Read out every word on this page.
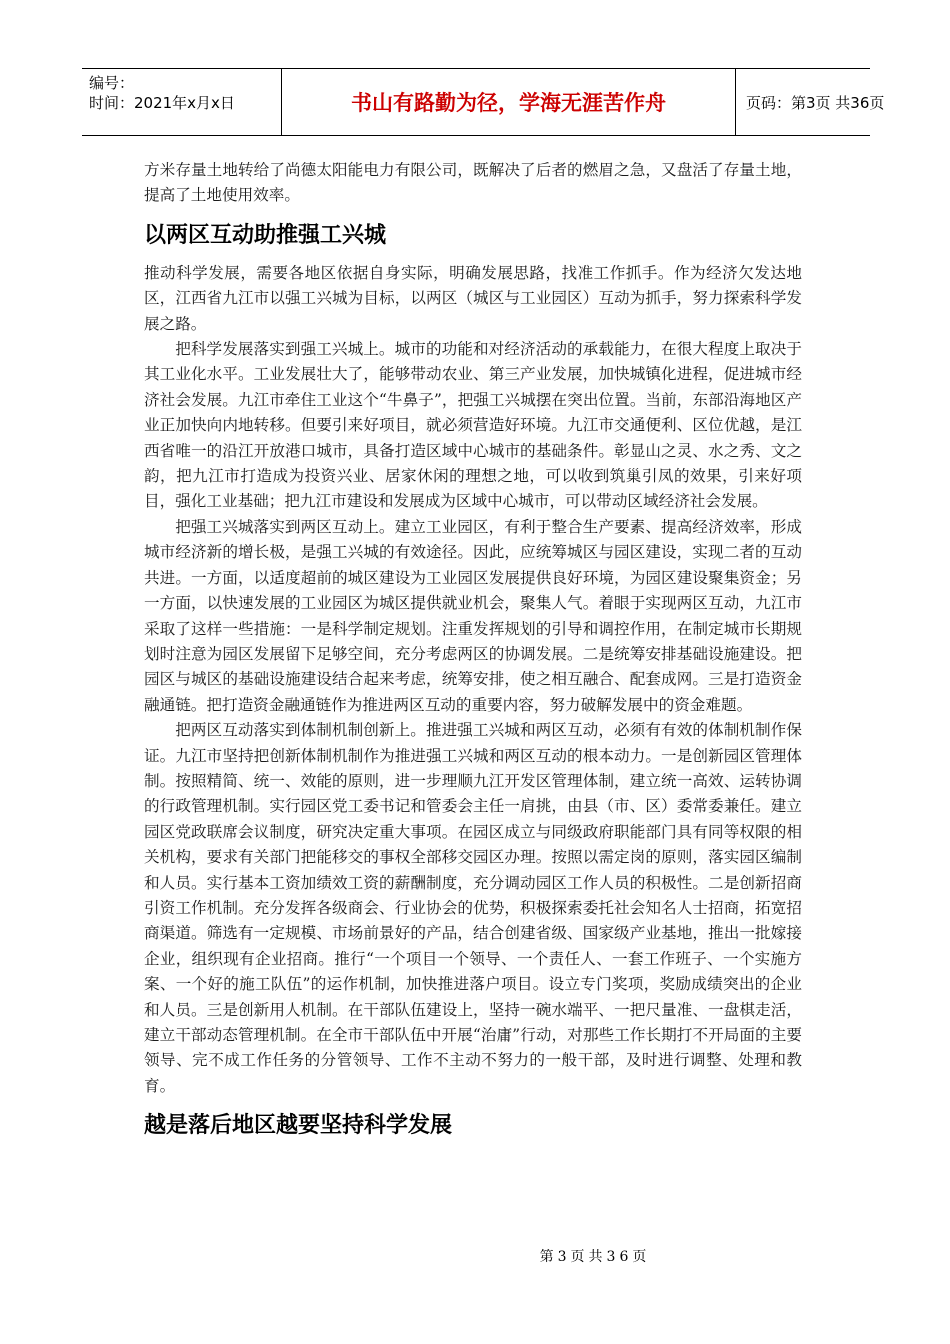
编号：
时间：2021年x月x日	书山有路勤为径，学海无涯苦作舟	页码：第3页 共36页

方米存量土地转给了尚德太阳能电力有限公司，既解决了后者的燃眉之急，又盘活了存量土地，提高了土地使用效率。

以两区互动助推强工兴城

推动科学发展，需要各地区依据自身实际，明确发展思路，找准工作抓手。作为经济欠发达地区，江西省九江市以强工兴城为目标，以两区（城区与工业园区）互动为抓手，努力探索科学发展之路。

把科学发展落实到强工兴城上。城市的功能和对经济活动的承载能力，在很大程度上取决于其工业化水平。工业发展壮大了，能够带动农业、第三产业发展，加快城镇化进程，促进城市经济社会发展。九江市牵住工业这个“牛鼻子”，把强工兴城摆在突出位置。当前，东部沿海地区产业正加快向内地转移。但要引来好项目，就必须营造好环境。九江市交通便利、区位优越，是江西省唯一的沿江开放港口城市，具备打造区域中心城市的基础条件。彰显山之灵、水之秀、文之韵，把九江市打造成为投资兴业、居家休闲的理想之地，可以收到筑巢引凤的效果，引来好项目，强化工业基础；把九江市建设和发展成为区域中心城市，可以带动区域经济社会发展。

把强工兴城落实到两区互动上。建立工业园区，有利于整合生产要素、提高经济效率，形成城市经济新的增长极，是强工兴城的有效途径。因此，应统筹城区与园区建设，实现二者的互动共进。一方面，以适度超前的城区建设为工业园区发展提供良好环境，为园区建设聚集资金；另一方面，以快速发展的工业园区为城区提供就业机会，聚集人气。着眼于实现两区互动，九江市采取了这样一些措施：一是科学制定规划。注重发挥规划的引导和调控作用，在制定城市长期规划时注意为园区发展留下足够空间，充分考虑两区的协调发展。二是统筹安排基础设施建设。把园区与城区的基础设施建设结合起来考虑，统筹安排，使之相互融合、配套成网。三是打造资金融通链。把打造资金融通链作为推进两区互动的重要内容，努力破解发展中的资金难题。

把两区互动落实到体制机制创新上。推进强工兴城和两区互动，必须有有效的体制机制作保证。九江市坚持把创新体制机制作为推进强工兴城和两区互动的根本动力。一是创新园区管理体制。按照精简、统一、效能的原则，进一步理顺九江开发区管理体制，建立统一高效、运转协调的行政管理机制。实行园区党工委书记和管委会主任一肩挑，由县（市、区）委常委兼任。建立园区党政联席会议制度，研究决定重大事项。在园区成立与同级政府职能部门具有同等权限的相关机构，要求有关部门把能移交的事权全部移交园区办理。按照以需定岗的原则，落实园区编制和人员。实行基本工资加绩效工资的薪酬制度，充分调动园区工作人员的积极性。二是创新招商引资工作机制。充分发挥各级商会、行业协会的优势，积极探索委托社会知名人士招商，拓宽招商渠道。筛选有一定规模、市场前景好的产品，结合创建省级、国家级产业基地，推出一批嫁接企业，组织现有企业招商。推行“一个项目一个领导、一个责任人、一套工作班子、一个实施方案、一个好的施工队伍”的运作机制，加快推进落户项目。设立专门奖项，奖励成绩突出的企业和人员。三是创新用人机制。在干部队伍建设上，坚持一碗水端平、一把尺量准、一盘棋走活，建立干部动态管理机制。在全市干部队伍中开展“治庸”行动，对那些工作长期打不开局面的主要领导、完不成工作任务的分管领导、工作不主动不努力的一般干部，及时进行调整、处理和教育。

越是落后地区越要坚持科学发展
第3页共36页
